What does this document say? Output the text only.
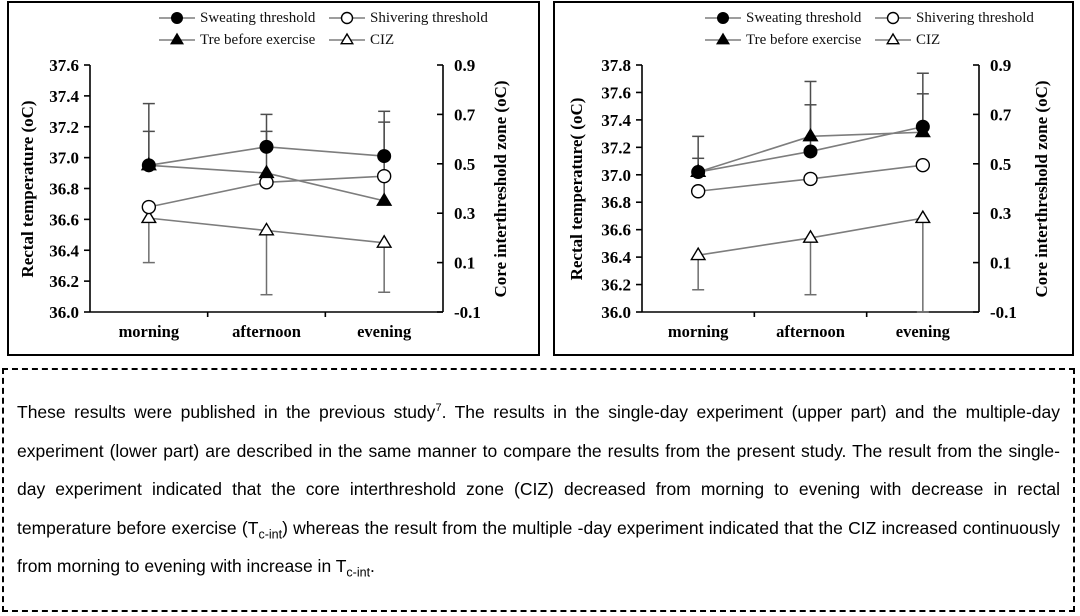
36.0
36.2
36.4
36.6
36.8
37.0
37.2
37.4
37.6
-0.1
0.1
0.3
0.5
0.7
0.9
morning	afternoon	evening
Sweating threshold	Shivering threshold
Tre before exercise	CIZ
Rectal temperature (oC)	Core interthreshold zone (oC)
36.0
36.2
36.4
36.6
36.8
37.0
37.2
37.4
37.6
37.8
-0.1
0.1
0.3
0.5
0.7
0.9
morning	afternoon	evening
Sweating threshold	Shivering threshold
Tre before exercise	CIZ
Rectal temperature( (oC)	Core interthreshold zone (oC)
These results were published in the previous study$^7$. The results in the single-day experiment (upper part) and the multiple-day experiment (lower part) are described in the same manner to compare the results from the present study. The result from the single-day experiment indicated that the core interthreshold zone (CIZ) decreased from morning to evening with decrease in rectal temperature before exercise $(T_{c-int})$ whereas the result from the multiple -day experiment indicated that the CIZ increased continuously from morning to evening with increase in $T_{c-int}$.
